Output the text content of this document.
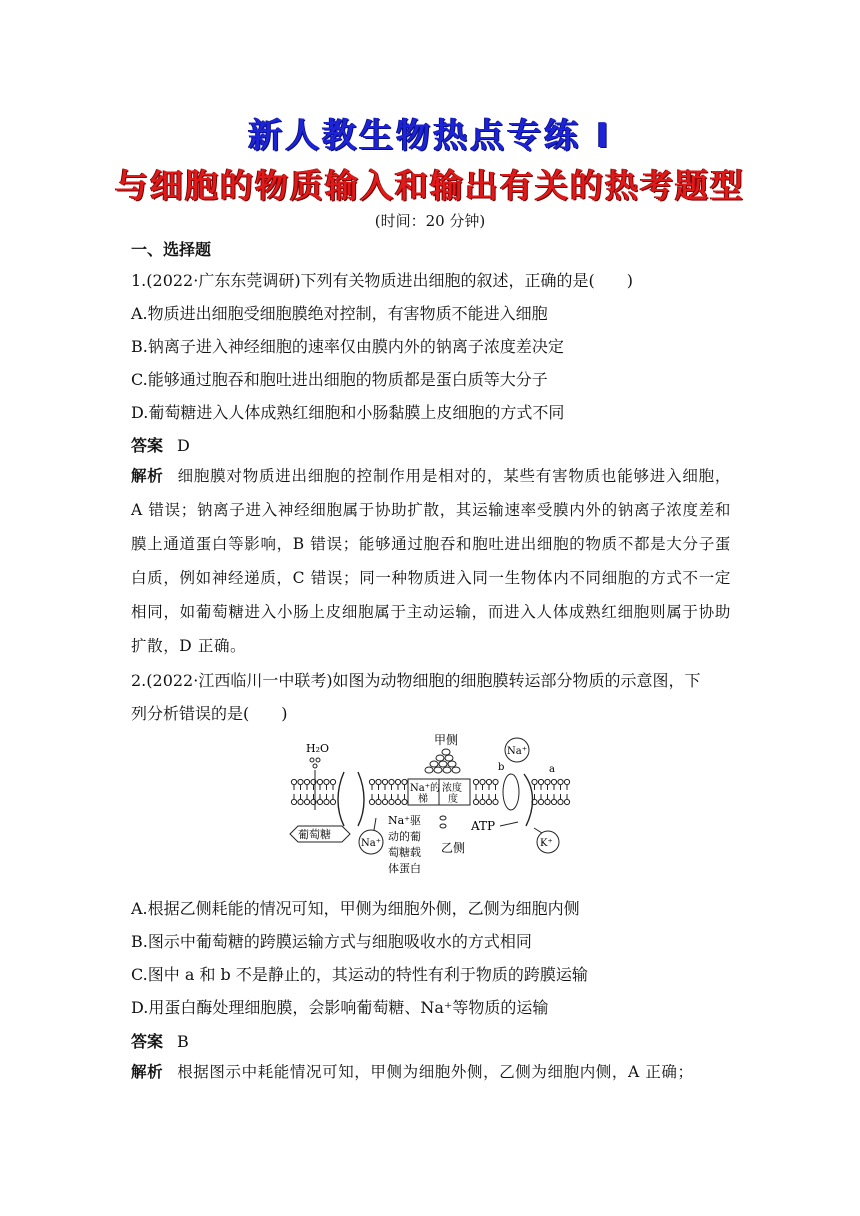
新人教生物热点专练 Ⅰ
与细胞的物质输入和输出有关的热考题型
(时间：20 分钟)
一、选择题
1.(2022·广东东莞调研)下列有关物质进出细胞的叙述，正确的是(　　)
A.物质进出细胞受细胞膜绝对控制，有害物质不能进入细胞
B.钠离子进入神经细胞的速率仅由膜内外的钠离子浓度差决定
C.能够通过胞吞和胞吐进出细胞的物质都是蛋白质等大分子
D.葡萄糖进入人体成熟红细胞和小肠黏膜上皮细胞的方式不同
答案 D
解析 细胞膜对物质进出细胞的控制作用是相对的，某些有害物质也能够进入细胞，A 错误；钠离子进入神经细胞属于协助扩散，其运输速率受膜内外的钠离子浓度差和膜上通道蛋白等影响，B 错误；能够通过胞吞和胞吐进出细胞的物质不都是大分子蛋白质，例如神经递质，C 错误；同一种物质进入同一生物体内不同细胞的方式不一定相同，如葡萄糖进入小肠上皮细胞属于主动运输，而进入人体成熟红细胞则属于协助扩散，D 正确。
2.(2022·江西临川一中联考)如图为动物细胞的细胞膜转运部分物质的示意图，下
列分析错误的是(　　)
Na⁺的
梯
浓度
度
H₂O
葡萄糖
Na⁺
Na⁺驱
动的葡
萄糖载
体蛋白
甲侧
乙侧
ATP
b	a
Na⁺
K⁺
A.根据乙侧耗能的情况可知，甲侧为细胞外侧，乙侧为细胞内侧
B.图示中葡萄糖的跨膜运输方式与细胞吸收水的方式相同
C.图中 a 和 b 不是静止的，其运动的特性有利于物质的跨膜运输
D.用蛋白酶处理细胞膜，会影响葡萄糖、Na⁺等物质的运输
答案 B
解析 根据图示中耗能情况可知，甲侧为细胞外侧，乙侧为细胞内侧，A 正确；
